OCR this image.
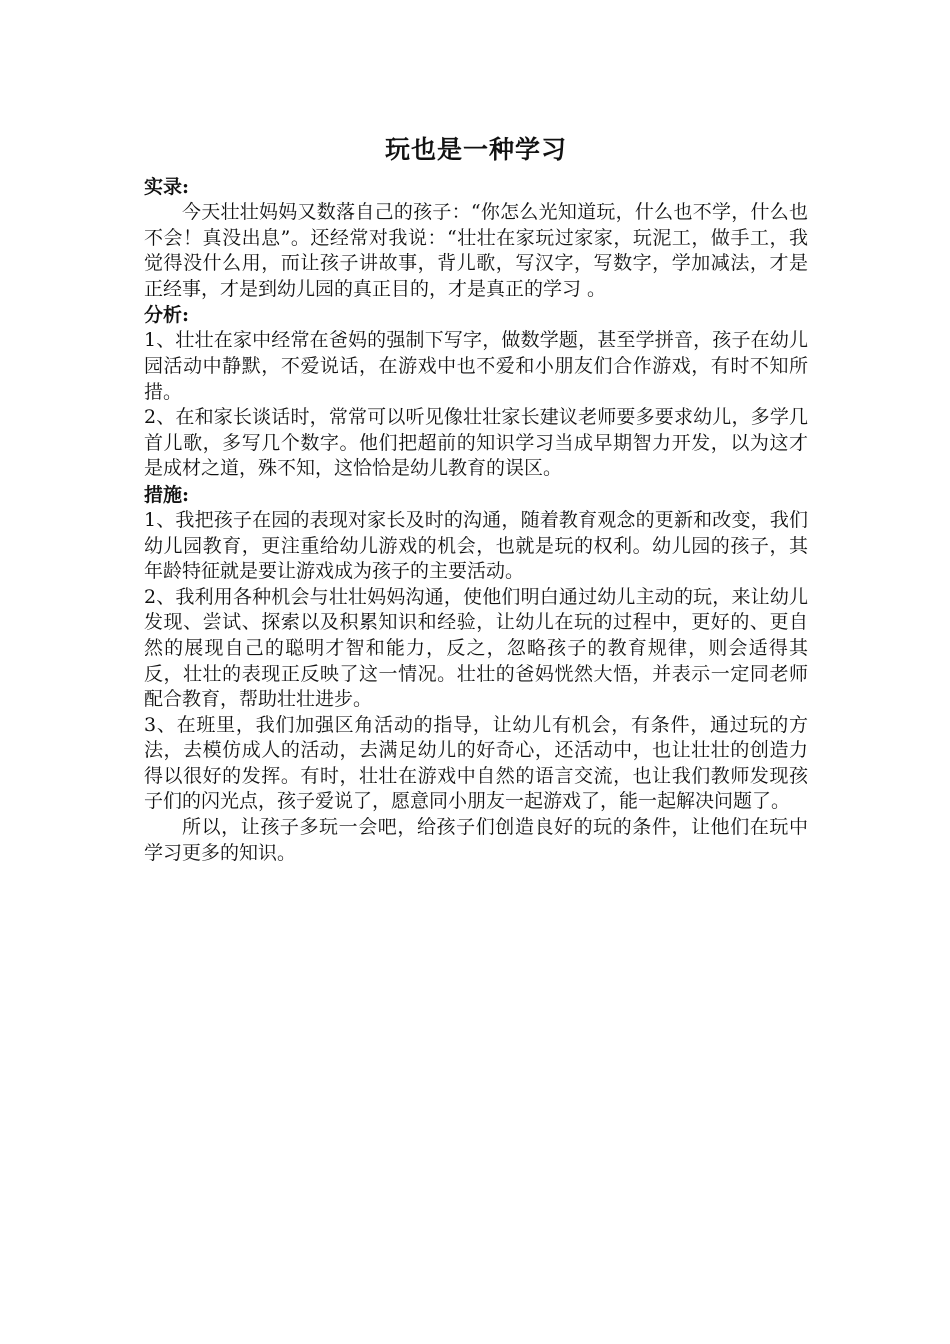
玩也是一种学习

实录:

今天壮壮妈妈又数落自己的孩子：“你怎么光知道玩，什么也不学，什么也不会！真没出息”。还经常对我说：“壮壮在家玩过家家，玩泥工，做手工，我觉得没什么用，而让孩子讲故事，背儿歌，写汉字，写数字，学加减法，才是正经事，才是到幼儿园的真正目的，才是真正的学习 。

分析:

1、壮壮在家中经常在爸妈的强制下写字，做数学题，甚至学拼音，孩子在幼儿园活动中静默，不爱说话，在游戏中也不爱和小朋友们合作游戏，有时不知所措。

2、在和家长谈话时，常常可以听见像壮壮家长建议老师要多要求幼儿，多学几首儿歌，多写几个数字。他们把超前的知识学习当成早期智力开发，以为这才是成材之道，殊不知，这恰恰是幼儿教育的误区。

措施:

1、我把孩子在园的表现对家长及时的沟通，随着教育观念的更新和改变，我们幼儿园教育，更注重给幼儿游戏的机会，也就是玩的权利。幼儿园的孩子，其年龄特征就是要让游戏成为孩子的主要活动。

2、我利用各种机会与壮壮妈妈沟通，使他们明白通过幼儿主动的玩，来让幼儿发现、尝试、探索以及积累知识和经验，让幼儿在玩的过程中，更好的、更自然的展现自己的聪明才智和能力，反之，忽略孩子的教育规律，则会适得其反，壮壮的表现正反映了这一情况。壮壮的爸妈恍然大悟，并表示一定同老师配合教育，帮助壮壮进步。

3、在班里，我们加强区角活动的指导，让幼儿有机会，有条件，通过玩的方法，去模仿成人的活动，去满足幼儿的好奇心，还活动中，也让壮壮的创造力得以很好的发挥。有时，壮壮在游戏中自然的语言交流，也让我们教师发现孩子们的闪光点，孩子爱说了，愿意同小朋友一起游戏了，能一起解决问题了。

所以，让孩子多玩一会吧，给孩子们创造良好的玩的条件，让他们在玩中学习更多的知识。
